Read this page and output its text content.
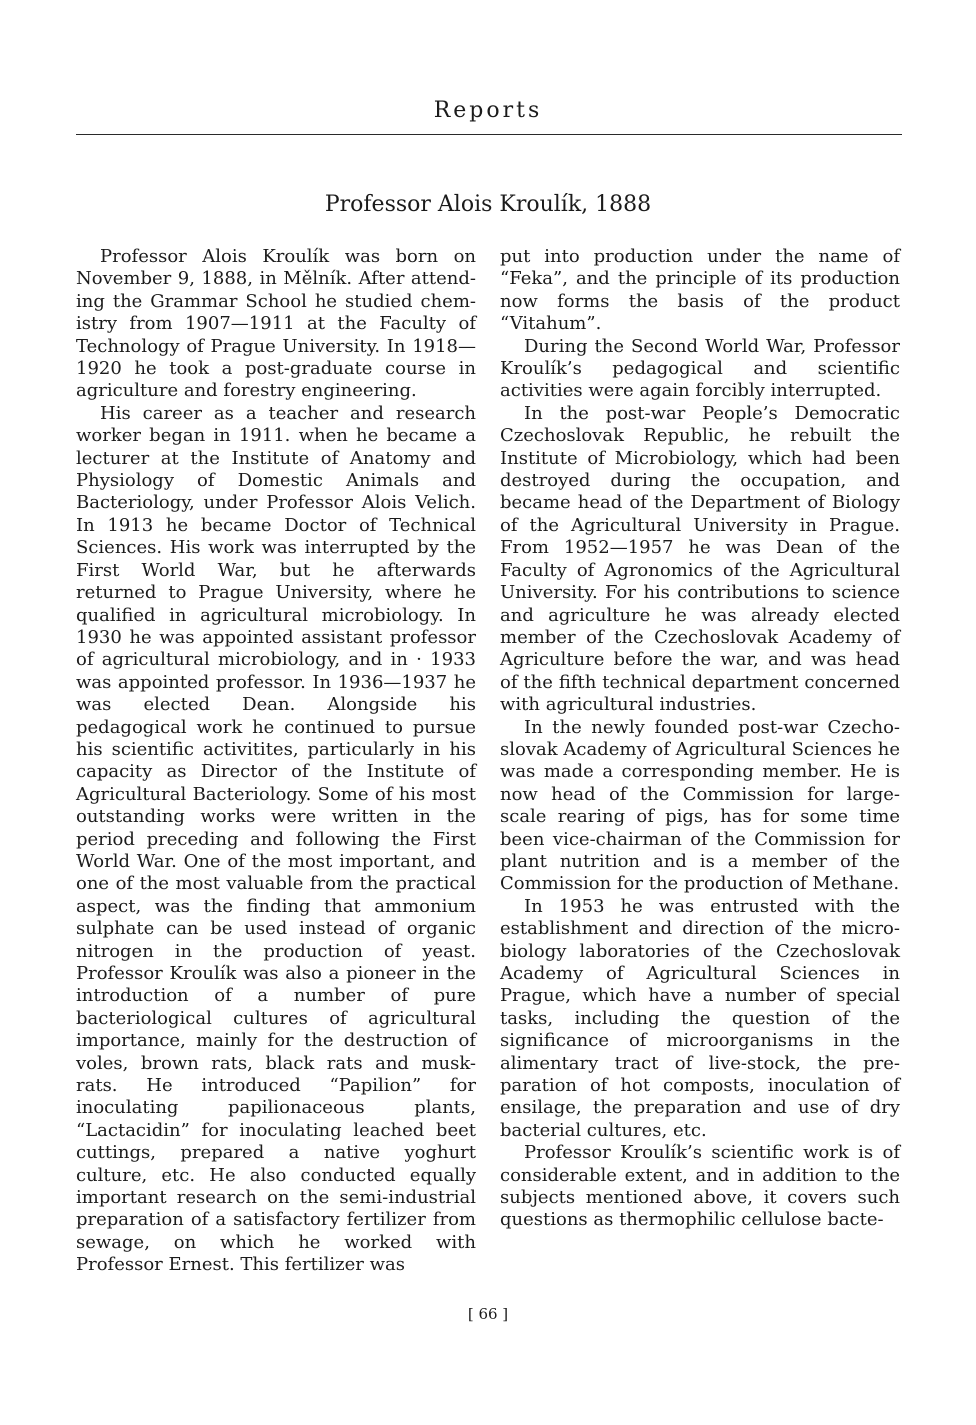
Reports
Professor Alois Kroulík, 1888

Professor Alois Kroulík was born on November 9, 1888, in Mělník. After attending the Grammar School he studied chemistry from 1907—1911 at the Faculty of Technology of Prague University. In 1918—1920 he took a post-graduate course in agriculture and forestry engineering.

His career as a teacher and research worker began in 1911. when he became a lecturer at the Institute of Anatomy and Physiology of Domestic Animals and Bacteriology, under Professor Alois Velich. In 1913 he became Doctor of Technical Sciences. His work was interrupted by the First World War, but he afterwards returned to Prague University, where he qualified in agricultural microbiology. In 1930 he was appointed assistant professor of agricultural microbiology, and in · 1933 was appointed professor. In 1936—1937 he was elected Dean. Alongside his pedagogical work he continued to pursue his scientific activitites, particularly in his capacity as Director of the Institute of Agricultural Bacteriology. Some of his most outstanding works were written in the period preceding and following the First World War. One of the most important, and one of the most valuable from the practical aspect, was the finding that ammonium sulphate can be used instead of organic nitrogen in the production of yeast. Professor Kroulík was also a pioneer in the introduction of a number of pure bacteriological cultures of agricultural importance, mainly for the destruction of voles, brown rats, black rats and musk-rats. He introduced “Papilion” for inoculating papilionaceous plants, “Lactacidin” for inoculating leached beet cuttings, prepared a native yoghurt culture, etc. He also conducted equally important research on the semi-industrial preparation of a satisfactory fertilizer from sewage, on which he worked with Professor Ernest. This fertilizer was

put into production under the name of “Feka”, and the principle of its production now forms the basis of the product “Vitahum”.

During the Second World War, Professor Kroulík’s pedagogical and scientific activities were again forcibly interrupted.

In the post-war People’s Democratic Czechoslovak Republic, he rebuilt the Institute of Microbiology, which had been destroyed during the occupation, and became head of the Department of Biology of the Agricultural University in Prague. From 1952—1957 he was Dean of the Faculty of Agronomics of the Agricultural University. For his contributions to science and agriculture he was already elected member of the Czechoslovak Academy of Agriculture before the war, and was head of the fifth technical department concerned with agricultural industries.

In the newly founded post-war Czechoslovak Academy of Agricultural Sciences he was made a corresponding member. He is now head of the Commission for large-scale rearing of pigs, has for some time been vice-chairman of the Commission for plant nutrition and is a member of the Commission for the production of Methane.

In 1953 he was entrusted with the establishment and direction of the microbiology laboratories of the Czechoslovak Academy of Agricultural Sciences in Prague, which have a number of special tasks, including the question of the significance of microorganisms in the alimentary tract of live-stock, the preparation of hot composts, inoculation of ensilage, the preparation and use of dry bacterial cultures, etc.

Professor Kroulík’s scientific work is of considerable extent, and in addition to the subjects mentioned above, it covers such questions as thermophilic cellulose bacte-

[ 66 ]
